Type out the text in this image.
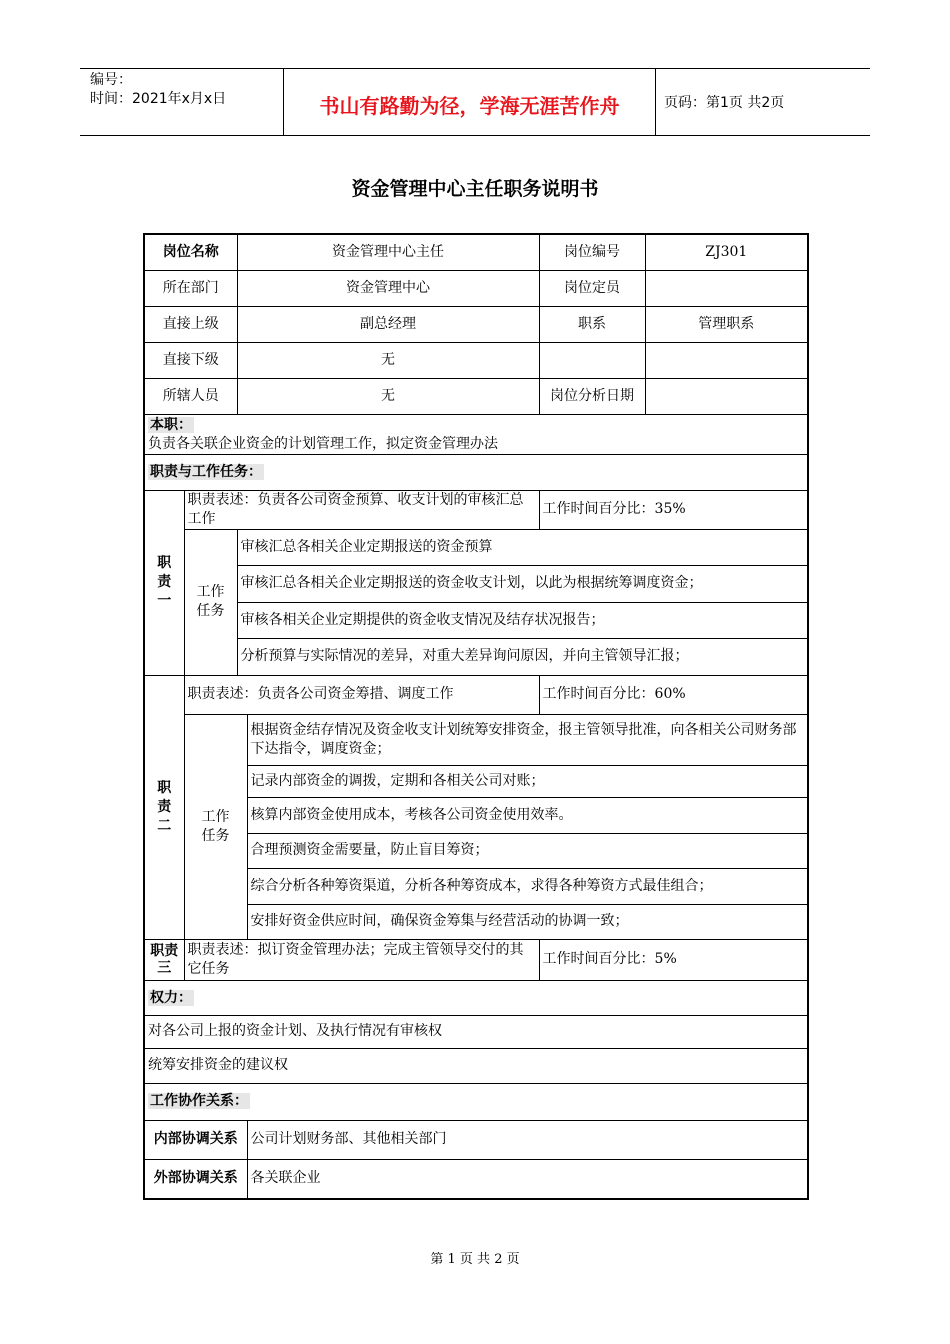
编号：
时间：2021年x月x日	书山有路勤为径，学海无涯苦作舟	页码：第1页 共2页
资金管理中心主任职务说明书
岗位名称		资金管理中心主任		岗位编号	ZJ301
所在部门		资金管理中心		岗位定员	
直接上级		副总经理		职系	管理职系
直接下级		无			
所辖人员		无		岗位分析日期	
本职：
负责各关联企业资金的计划管理工作，拟定资金管理办法					
职责与工作任务：					
职责一	职责表述：负责各公司资金预算、收支计划的审核汇总工作			工作时间百分比：35%	
	工作任务	审核汇总各相关企业定期报送的资金预算			
		审核汇总各相关企业定期报送的资金收支计划，以此为根据统筹调度资金；			
		审核各相关企业定期提供的资金收支情况及结存状况报告；			
		分析预算与实际情况的差异，对重大差异询问原因，并向主管领导汇报；			
职责二	职责表述：负责各公司资金筹措、调度工作			工作时间百分比：60%	
	工作任务		根据资金结存情况及资金收支计划统筹安排资金，报主管领导批准，向各相关公司财务部下达指令，调度资金；		
			记录内部资金的调拨，定期和各相关公司对账；		
			核算内部资金使用成本，考核各公司资金使用效率。		
			合理预测资金需要量，防止盲目筹资；		
			综合分析各种筹资渠道，分析各种筹资成本，求得各种筹资方式最佳组合；		
			安排好资金供应时间，确保资金筹集与经营活动的协调一致；		
职责三	职责表述：拟订资金管理办法；完成主管领导交付的其它任务			工作时间百分比：5%	
权力：					
对各公司上报的资金计划、及执行情况有审核权					
统筹安排资金的建议权					
工作协作关系：					
内部协调关系			公司计划财务部、其他相关部门		
外部协调关系			各关联企业		
第 1 页 共 2 页
